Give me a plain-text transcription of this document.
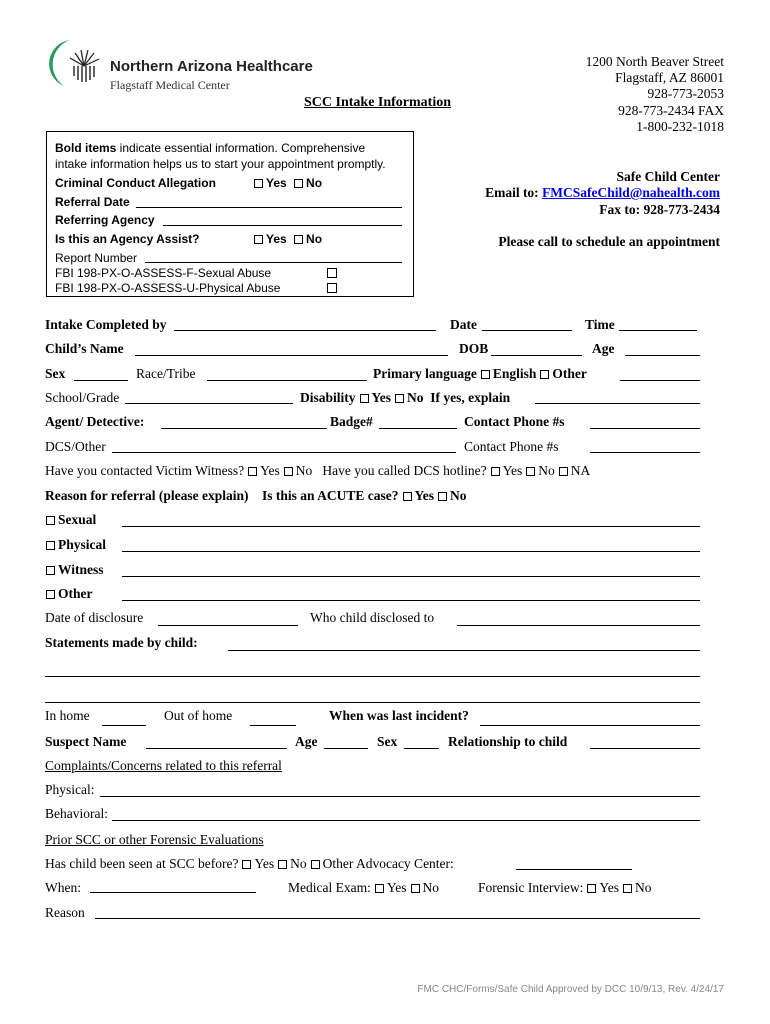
Northern Arizona Healthcare
Flagstaff Medical Center
SCC Intake Information
1200 North Beaver Street
Flagstaff, AZ 86001
928-773-2053
928-773-2434 FAX
1-800-232-1018
Bold items indicate essential information. Comprehensive
intake information helps us to start your appointment promptly.
Criminal Conduct Allegation	Yes No
Referral Date
Referring Agency
Is this an Agency Assist?	Yes No
Report Number
FBI 198-PX-O-ASSESS-F-Sexual Abuse
FBI 198-PX-O-ASSESS-U-Physical Abuse
Safe Child Center
Email to: FMCSafeChild@nahealth.com
Fax to: 928-773-2434
Please call to schedule an appointment
Intake Completed by	Date	Time
Child’s Name	DOB	Age
Sex	Race/Tribe	Primary language English Other
School/Grade	Disability Yes No If yes, explain
Agent/ Detective:	Badge#	Contact Phone #s
DCS/Other	Contact Phone #s
Have you contacted Victim Witness? Yes No Have you called DCS hotline? Yes No NA
Reason for referral (please explain) Is this an ACUTE case? Yes No
Sexual
Physical
Witness
Other
Date of disclosure	Who child disclosed to
Statements made by child:
In home	Out of home	When was last incident?
Suspect Name	Age	Sex	Relationship to child
Complaints/Concerns related to this referral
Physical:
Behavioral:
Prior SCC or other Forensic Evaluations
Has child been seen at SCC before? Yes No Other Advocacy Center:
When:	Medical Exam: Yes No	Forensic Interview: Yes No
Reason
FMC CHC/Forms/Safe Child Approved by DCC 10/9/13, Rev. 4/24/17
